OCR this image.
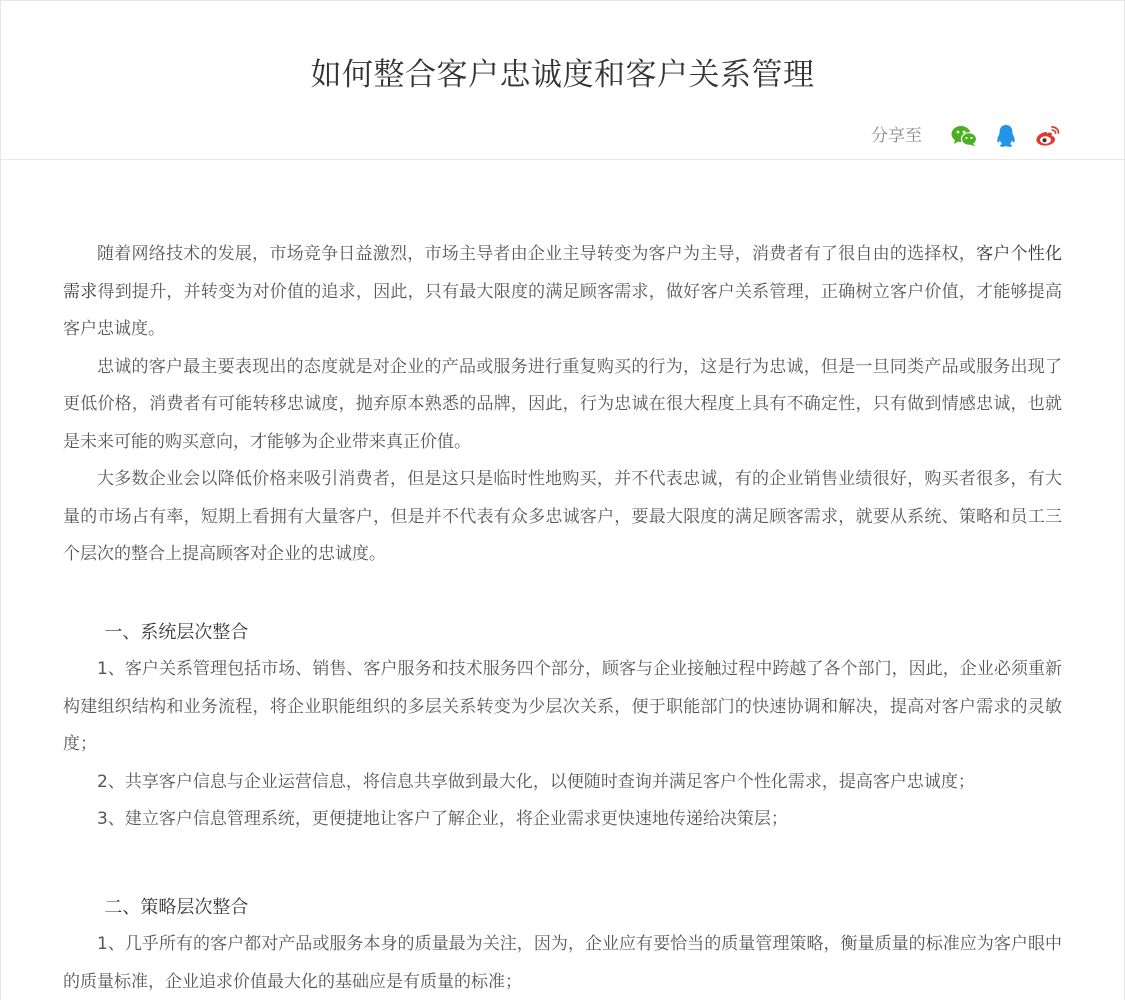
如何整合客户忠诚度和客户关系管理
分享至

随着网络技术的发展，市场竞争日益激烈，市场主导者由企业主导转变为客户为主导，消费者有了很自由的选择权，客户个性化需求得到提升，并转变为对价值的追求，因此，只有最大限度的满足顾客需求，做好客户关系管理，正确树立客户价值，才能够提高客户忠诚度。

忠诚的客户最主要表现出的态度就是对企业的产品或服务进行重复购买的行为，这是行为忠诚，但是一旦同类产品或服务出现了更低价格，消费者有可能转移忠诚度，抛弃原本熟悉的品牌，因此，行为忠诚在很大程度上具有不确定性，只有做到情感忠诚，也就是未来可能的购买意向，才能够为企业带来真正价值。

大多数企业会以降低价格来吸引消费者，但是这只是临时性地购买，并不代表忠诚，有的企业销售业绩很好，购买者很多，有大量的市场占有率，短期上看拥有大量客户，但是并不代表有众多忠诚客户，要最大限度的满足顾客需求，就要从系统、策略和员工三个层次的整合上提高顾客对企业的忠诚度。

一、系统层次整合

1、客户关系管理包括市场、销售、客户服务和技术服务四个部分，顾客与企业接触过程中跨越了各个部门，因此，企业必须重新构建组织结构和业务流程，将企业职能组织的多层关系转变为少层次关系，便于职能部门的快速协调和解决，提高对客户需求的灵敏度；

2、共享客户信息与企业运营信息，将信息共享做到最大化，以便随时查询并满足客户个性化需求，提高客户忠诚度；

3、建立客户信息管理系统，更便捷地让客户了解企业，将企业需求更快速地传递给决策层；

二、策略层次整合

1、几乎所有的客户都对产品或服务本身的质量最为关注，因为，企业应有要恰当的质量管理策略，衡量质量的标准应为客户眼中的质量标准，企业追求价值最大化的基础应是有质量的标准；
